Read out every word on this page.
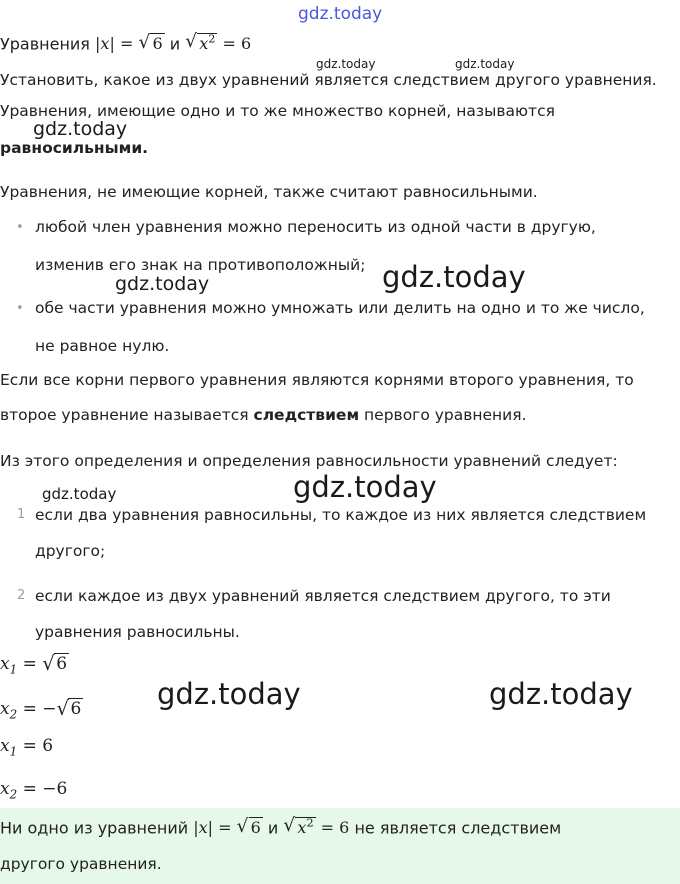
gdz.today
gdz.today	gdz.today
gdz.today
gdz.today
gdz.today
gdz.today
gdz.today
gdz.today	gdz.today
Уравнения |x| = √ 6 и √ $x^2 = 6$
Установить, какое из двух уравнений является следствием другого уравнения.
Уравнения, имеющие одно и то же множество корней, называются
равносильными.
Уравнения, не имеющие корней, также считают равносильными.
• любой член уравнения можно переносить из одной части в другую,
изменив его знак на противоположный;
• обе части уравнения можно умножать или делить на одно и то же число,
не равное нулю.
Если все корни первого уравнения являются корнями второго уравнения, то
второе уравнение называется следствием первого уравнения.
Из этого определения и определения равносильности уравнений следует:
1 если два уравнения равносильны, то каждое из них является следствием
другого;
2 если каждое из двух уравнений является следствием другого, то эти
уравнения равносильны.
$x_1$ = √ 6
$x_2$ = − √ 6
$x_1 = 6$
$x_2 = -6$
Ни одно из уравнений |x| = √ 6 и √ $x^2 = 6$ не является следствием
другого уравнения.
